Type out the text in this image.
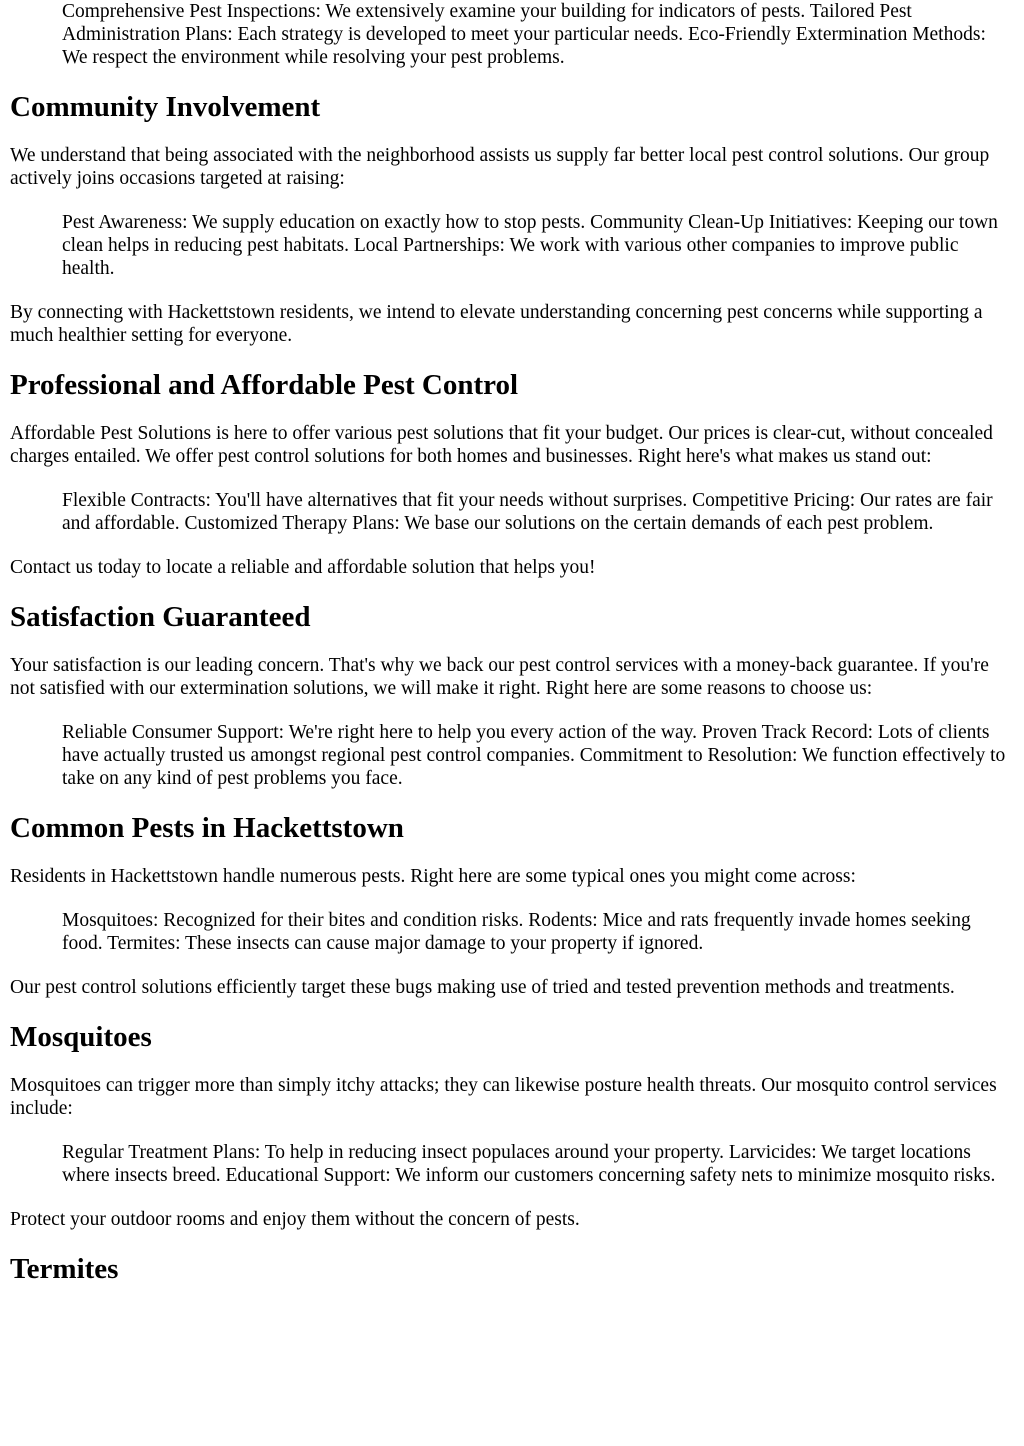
Comprehensive Pest Inspections: We extensively examine your building for indicators of pests. Tailored Pest Administration Plans: Each strategy is developed to meet your particular needs. Eco-Friendly Extermination Methods: We respect the environment while resolving your pest problems.
Community Involvement

We understand that being associated with the neighborhood assists us supply far better local pest control solutions. Our group actively joins occasions targeted at raising:

Pest Awareness: We supply education on exactly how to stop pests. Community Clean-Up Initiatives: Keeping our town clean helps in reducing pest habitats. Local Partnerships: We work with various other companies to improve public health.

By connecting with Hackettstown residents, we intend to elevate understanding concerning pest concerns while supporting a much healthier setting for everyone.

Professional and Affordable Pest Control

Affordable Pest Solutions is here to offer various pest solutions that fit your budget. Our prices is clear-cut, without concealed charges entailed. We offer pest control solutions for both homes and businesses. Right here's what makes us stand out:

Flexible Contracts: You'll have alternatives that fit your needs without surprises. Competitive Pricing: Our rates are fair and affordable. Customized Therapy Plans: We base our solutions on the certain demands of each pest problem.

Contact us today to locate a reliable and affordable solution that helps you!

Satisfaction Guaranteed

Your satisfaction is our leading concern. That's why we back our pest control services with a money-back guarantee. If you're not satisfied with our extermination solutions, we will make it right. Right here are some reasons to choose us:

Reliable Consumer Support: We're right here to help you every action of the way. Proven Track Record: Lots of clients have actually trusted us amongst regional pest control companies. Commitment to Resolution: We function effectively to take on any kind of pest problems you face.
Common Pests in Hackettstown

Residents in Hackettstown handle numerous pests. Right here are some typical ones you might come across:

Mosquitoes: Recognized for their bites and condition risks. Rodents: Mice and rats frequently invade homes seeking food. Termites: These insects can cause major damage to your property if ignored.

Our pest control solutions efficiently target these bugs making use of tried and tested prevention methods and treatments.

Mosquitoes

Mosquitoes can trigger more than simply itchy attacks; they can likewise posture health threats. Our mosquito control services include:

Regular Treatment Plans: To help in reducing insect populaces around your property. Larvicides: We target locations where insects breed. Educational Support: We inform our customers concerning safety nets to minimize mosquito risks.

Protect your outdoor rooms and enjoy them without the concern of pests.

Termites
